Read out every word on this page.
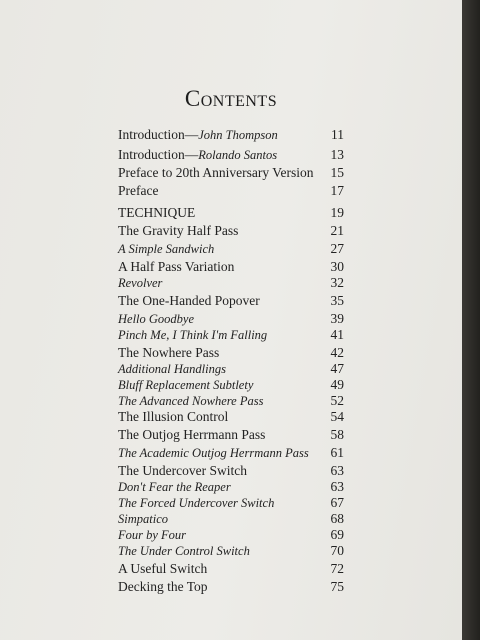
Contents
Introduction—John Thompson	11
Introduction—Rolando Santos	13
Preface to 20th Anniversary Version 15
Preface	17
TECHNIQUE	19
The Gravity Half Pass	21
A Simple Sandwich	27
A Half Pass Variation	30
Revolver	32
The One-Handed Popover	35
Hello Goodbye	39
Pinch Me, I Think I'm Falling	41
The Nowhere Pass	42
Additional Handlings	47
Bluff Replacement Subtlety	49
The Advanced Nowhere Pass	52
The Illusion Control	54
The Outjog Herrmann Pass	58
The Academic Outjog Herrmann Pass 61
The Undercover Switch	63
Don't Fear the Reaper	63
The Forced Undercover Switch	67
Simpatico	68
Four by Four	69
The Under Control Switch	70
A Useful Switch	72
Decking the Top	75
